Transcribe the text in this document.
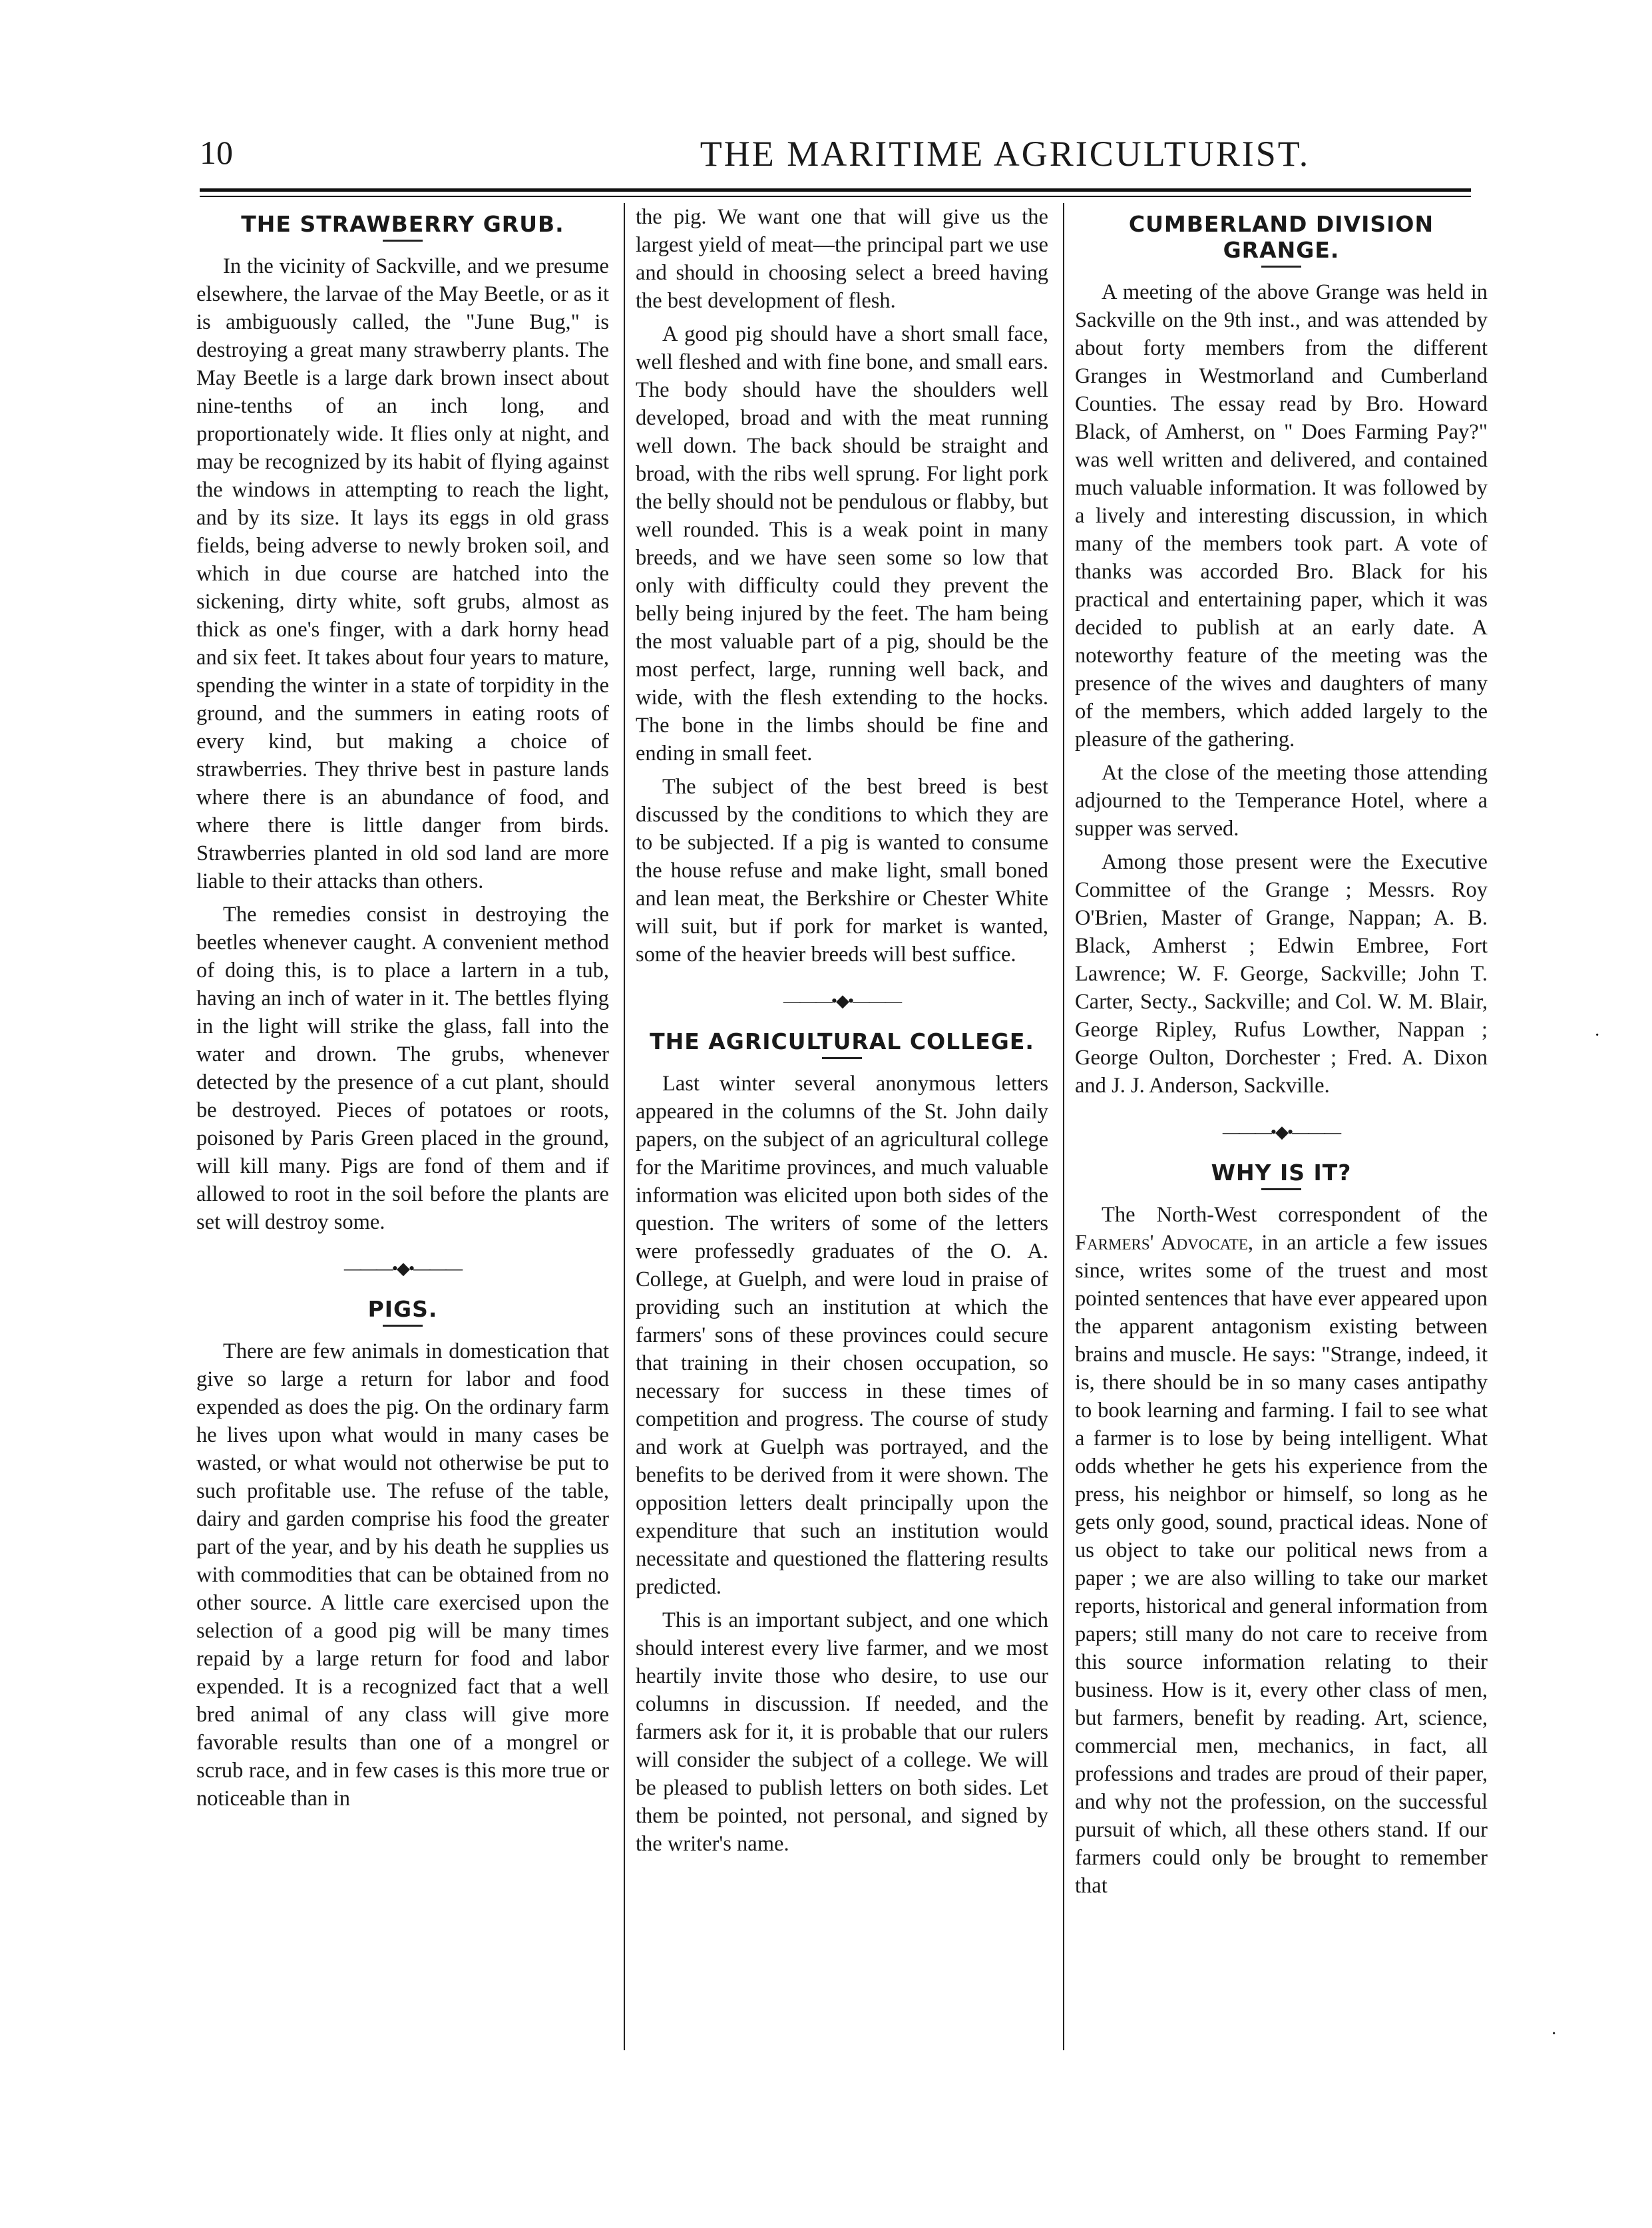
10	THE MARITIME AGRICULTURIST.
THE STRAWBERRY GRUB.

In the vicinity of Sackville, and we presume elsewhere, the larvae of the May Beetle, or as it is ambiguously called, the "June Bug," is destroying a great many strawberry plants. The May Beetle is a large dark brown insect about nine-tenths of an inch long, and proportionately wide. It flies only at night, and may be recognized by its habit of flying against the windows in attempting to reach the light, and by its size. It lays its eggs in old grass fields, being adverse to newly broken soil, and which in due course are hatched into the sickening, dirty white, soft grubs, almost as thick as one's finger, with a dark horny head and six feet. It takes about four years to mature, spending the winter in a state of torpidity in the ground, and the summers in eating roots of every kind, but making a choice of strawberries. They thrive best in pasture lands where there is an abundance of food, and where there is little danger from birds. Strawberries planted in old sod land are more liable to their attacks than others.

The remedies consist in destroying the beetles whenever caught. A convenient method of doing this, is to place a lartern in a tub, having an inch of water in it. The bettles flying in the light will strike the glass, fall into the water and drown. The grubs, whenever detected by the presence of a cut plant, should be destroyed. Pieces of potatoes or roots, poisoned by Paris Green placed in the ground, will kill many. Pigs are fond of them and if allowed to root in the soil before the plants are set will destroy some.

———•◆•———
PIGS.

There are few animals in domestication that give so large a return for labor and food expended as does the pig. On the ordinary farm he lives upon what would in many cases be wasted, or what would not otherwise be put to such profitable use. The refuse of the table, dairy and garden comprise his food the greater part of the year, and by his death he supplies us with commodities that can be obtained from no other source. A little care exercised upon the selection of a good pig will be many times repaid by a large return for food and labor expended. It is a recognized fact that a well bred animal of any class will give more favorable results than one of a mongrel or scrub race, and in few cases is this more true or noticeable than in

the pig. We want one that will give us the largest yield of meat—the principal part we use and should in choosing select a breed having the best development of flesh.

A good pig should have a short small face, well fleshed and with fine bone, and small ears. The body should have the shoulders well developed, broad and with the meat running well down. The back should be straight and broad, with the ribs well sprung. For light pork the belly should not be pendulous or flabby, but well rounded. This is a weak point in many breeds, and we have seen some so low that only with difficulty could they prevent the belly being injured by the feet. The ham being the most valuable part of a pig, should be the most perfect, large, running well back, and wide, with the flesh extending to the hocks. The bone in the limbs should be fine and ending in small feet.

The subject of the best breed is best discussed by the conditions to which they are to be subjected. If a pig is wanted to consume the house refuse and make light, small boned and lean meat, the Berkshire or Chester White will suit, but if pork for market is wanted, some of the heavier breeds will best suffice.

———•◆•———
THE AGRICULTURAL COLLEGE.

Last winter several anonymous letters appeared in the columns of the St. John daily papers, on the subject of an agricultural college for the Maritime provinces, and much valuable information was elicited upon both sides of the question. The writers of some of the letters were professedly graduates of the O. A. College, at Guelph, and were loud in praise of providing such an institution at which the farmers' sons of these provinces could secure that training in their chosen occupation, so necessary for success in these times of competition and progress. The course of study and work at Guelph was portrayed, and the benefits to be derived from it were shown. The opposition letters dealt principally upon the expenditure that such an institution would necessitate and questioned the flattering results predicted.

This is an important subject, and one which should interest every live farmer, and we most heartily invite those who desire, to use our columns in discussion. If needed, and the farmers ask for it, it is probable that our rulers will consider the subject of a college. We will be pleased to publish letters on both sides. Let them be pointed, not personal, and signed by the writer's name.

CUMBERLAND DIVISION GRANGE.

A meeting of the above Grange was held in Sackville on the 9th inst., and was attended by about forty members from the different Granges in Westmorland and Cumberland Counties. The essay read by Bro. Howard Black, of Amherst, on " Does Farming Pay?" was well written and delivered, and contained much valuable information. It was followed by a lively and interesting discussion, in which many of the members took part. A vote of thanks was accorded Bro. Black for his practical and entertaining paper, which it was decided to publish at an early date. A noteworthy feature of the meeting was the presence of the wives and daughters of many of the members, which added largely to the pleasure of the gathering.

At the close of the meeting those attending adjourned to the Temperance Hotel, where a supper was served.

Among those present were the Executive Committee of the Grange ; Messrs. Roy O'Brien, Master of Grange, Nappan; A. B. Black, Amherst ; Edwin Embree, Fort Lawrence; W. F. George, Sackville; John T. Carter, Secty., Sackville; and Col. W. M. Blair, George Ripley, Rufus Lowther, Nappan ; George Oulton, Dorchester ; Fred. A. Dixon and J. J. Anderson, Sackville.

———•◆•———
WHY IS IT?

The North-West correspondent of the Farmers' Advocate, in an article a few issues since, writes some of the truest and most pointed sentences that have ever appeared upon the apparent antagonism existing between brains and muscle. He says: "Strange, indeed, it is, there should be in so many cases antipathy to book learning and farming. I fail to see what a farmer is to lose by being intelligent. What odds whether he gets his experience from the press, his neighbor or himself, so long as he gets only good, sound, practical ideas. None of us object to take our political news from a paper ; we are also willing to take our market reports, historical and general information from papers; still many do not care to receive from this source information relating to their business. How is it, every other class of men, but farmers, benefit by reading. Art, science, commercial men, mechanics, in fact, all professions and trades are proud of their paper, and why not the profession, on the successful pursuit of which, all these others stand. If our farmers could only be brought to remember that

·
·
